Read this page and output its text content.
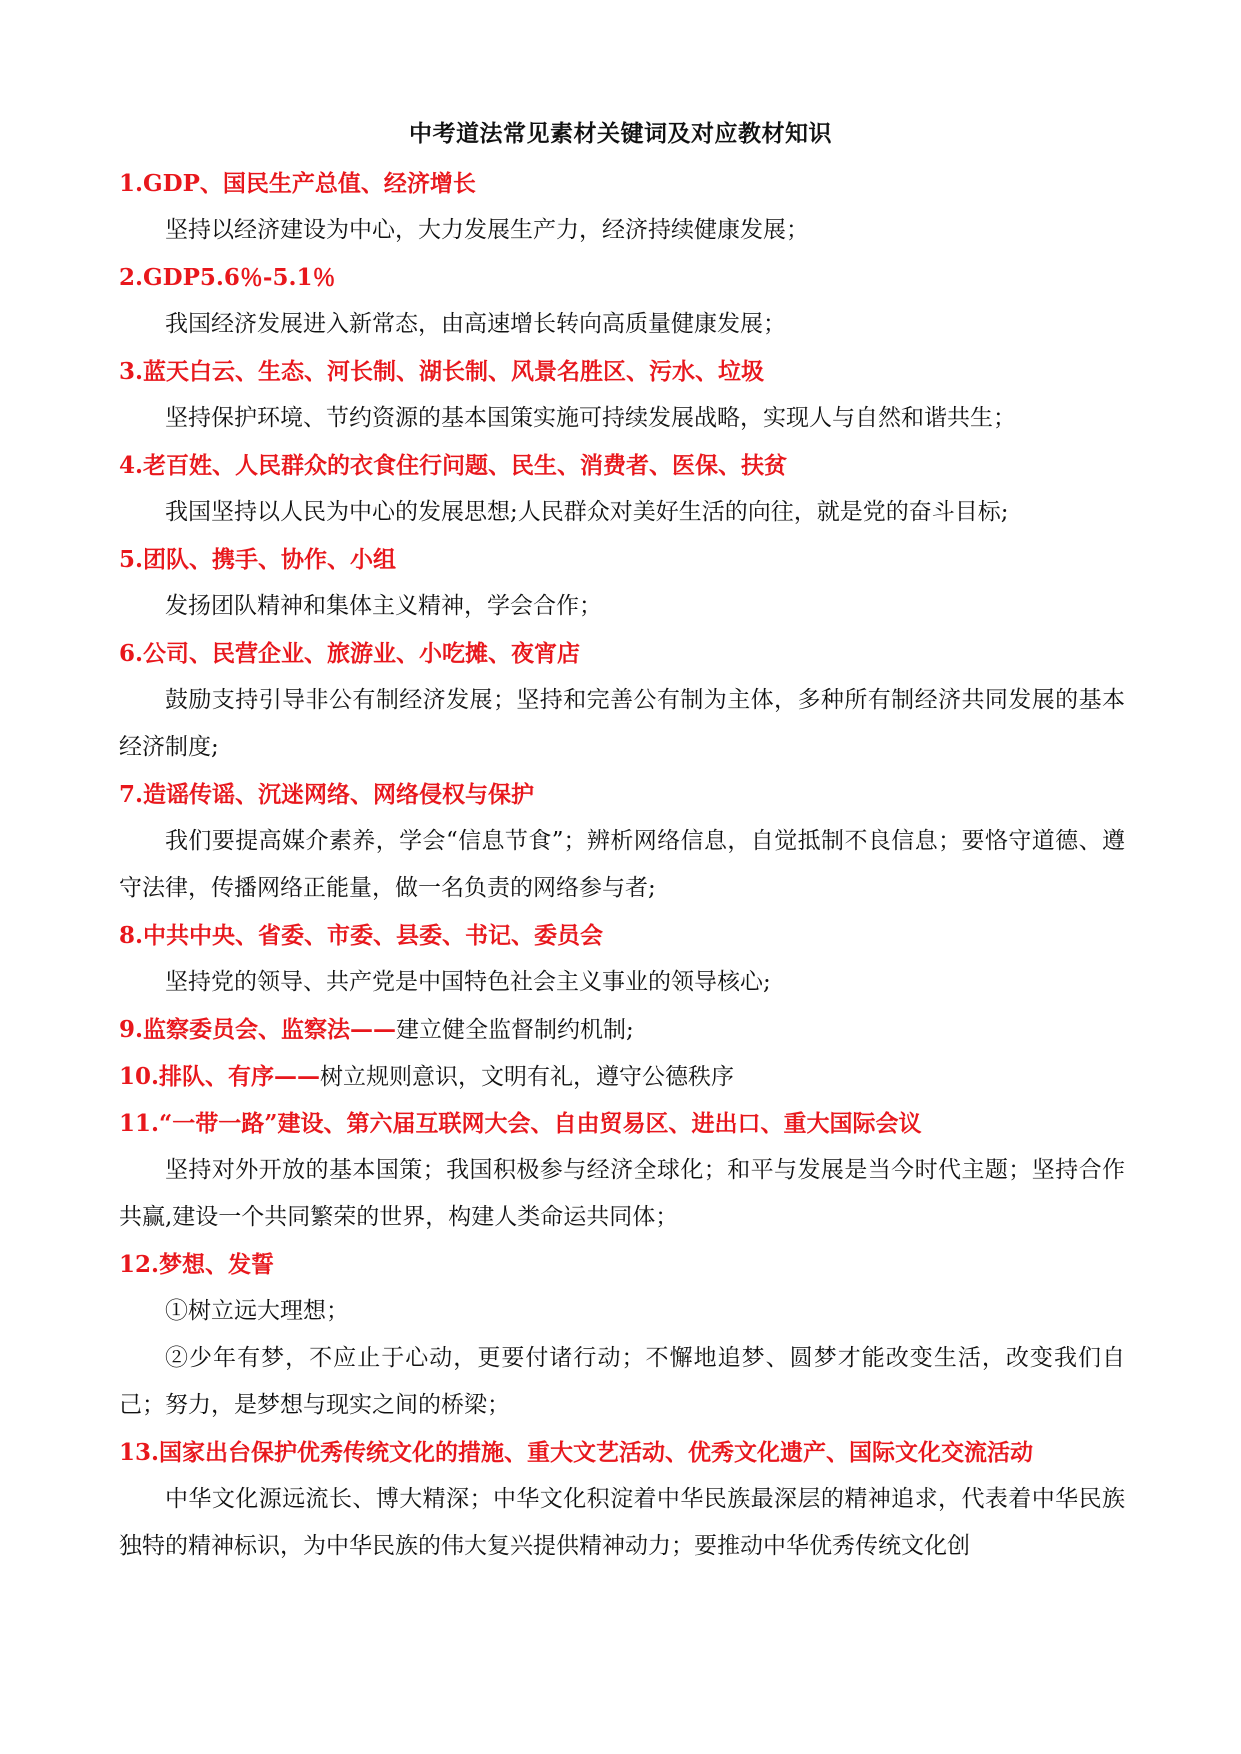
中考道法常见素材关键词及对应教材知识
1.GDP、国民生产总值、经济增长
坚持以经济建设为中心，大力发展生产力，经济持续健康发展；
2.GDP5.6％-5.1％
我国经济发展进入新常态，由高速增长转向高质量健康发展；
3.蓝天白云、生态、河长制、湖长制、风景名胜区、污水、垃圾
坚持保护环境、节约资源的基本国策实施可持续发展战略，实现人与自然和谐共生；
4.老百姓、人民群众的衣食住行问题、民生、消费者、医保、扶贫
我国坚持以人民为中心的发展思想;人民群众对美好生活的向往，就是党的奋斗目标;
5.团队、携手、协作、小组
发扬团队精神和集体主义精神，学会合作；
6.公司、民营企业、旅游业、小吃摊、夜宵店
鼓励支持引导非公有制经济发展；坚持和完善公有制为主体，多种所有制经济共同发展的基本经济制度;
7.造谣传谣、沉迷网络、网络侵权与保护
我们要提高媒介素养，学会“信息节食”；辨析网络信息，自觉抵制不良信息；要恪守道德、遵守法律，传播网络正能量，做一名负责的网络参与者;
8.中共中央、省委、市委、县委、书记、委员会
坚持党的领导、共产党是中国特色社会主义事业的领导核心;
9.监察委员会、监察法——建立健全监督制约机制;
10.排队、有序——树立规则意识，文明有礼，遵守公德秩序
11.“一带一路”建设、第六届互联网大会、自由贸易区、进出口、重大国际会议
坚持对外开放的基本国策；我国积极参与经济全球化；和平与发展是当今时代主题；坚持合作共赢,建设一个共同繁荣的世界，构建人类命运共同体；
12.梦想、发誓
①树立远大理想；
②少年有梦，不应止于心动，更要付诸行动；不懈地追梦、圆梦才能改变生活，改变我们自己；努力，是梦想与现实之间的桥梁；
13.国家出台保护优秀传统文化的措施、重大文艺活动、优秀文化遗产、国际文化交流活动
中华文化源远流长、博大精深；中华文化积淀着中华民族最深层的精神追求，代表着中华民族独特的精神标识，为中华民族的伟大复兴提供精神动力；要推动中华优秀传统文化创
